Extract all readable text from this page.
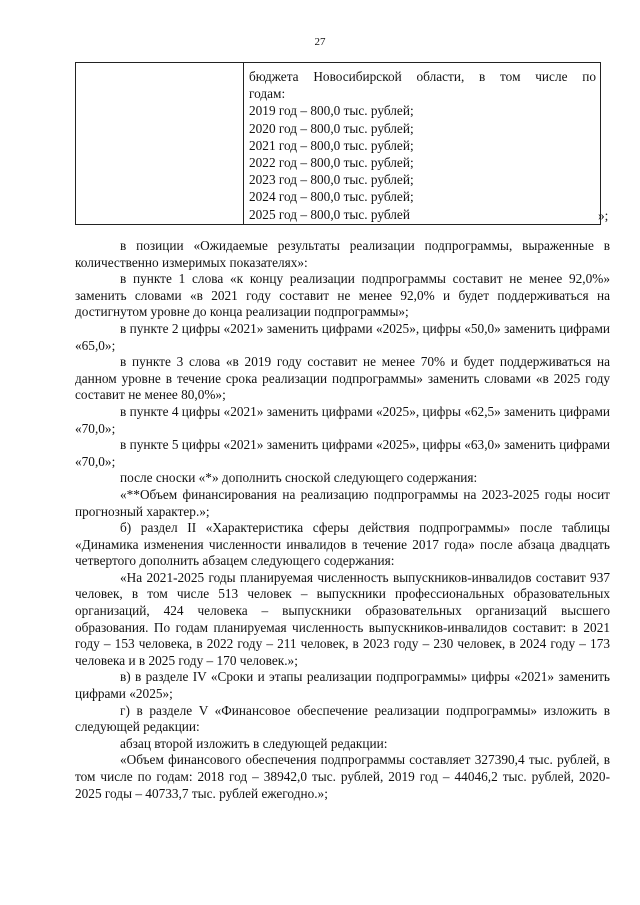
27

бюджета Новосибирской области, в том числе по
годам:
2019 год – 800,0 тыс. рублей;
2020 год – 800,0 тыс. рублей;
2021 год – 800,0 тыс. рублей;
2022 год – 800,0 тыс. рублей;
2023 год – 800,0 тыс. рублей;
2024 год – 800,0 тыс. рублей;
2025 год – 800,0 тыс. рублей	»;

в позиции «Ожидаемые результаты реализации подпрограммы, выраженные в количественно измеримых показателях»:

в пункте 1 слова «к концу реализации подпрограммы составит не менее 92,0%» заменить словами «в 2021 году составит не менее 92,0% и будет поддерживаться на достигнутом уровне до конца реализации подпрограммы»;

в пункте 2 цифры «2021» заменить цифрами «2025», цифры «50,0» заменить цифрами «65,0»;

в пункте 3 слова «в 2019 году составит не менее 70% и будет поддерживаться на данном уровне в течение срока реализации подпрограммы» заменить словами «в 2025 году составит не менее 80,0%»;

в пункте 4 цифры «2021» заменить цифрами «2025», цифры «62,5» заменить цифрами «70,0»;

в пункте 5 цифры «2021» заменить цифрами «2025», цифры «63,0» заменить цифрами «70,0»;

после сноски «*» дополнить сноской следующего содержания:

«**Объем финансирования на реализацию подпрограммы на 2023-2025 годы носит прогнозный характер.»;

б) раздел II «Характеристика сферы действия подпрограммы» после таблицы «Динамика изменения численности инвалидов в течение 2017 года» после абзаца двадцать четвертого дополнить абзацем следующего содержания:

«На 2021-2025 годы планируемая численность выпускников-инвалидов составит 937 человек, в том числе 513 человек – выпускники профессиональных образовательных организаций, 424 человека – выпускники образовательных организаций высшего образования. По годам планируемая численность выпускников-инвалидов составит: в 2021 году – 153 человека, в 2022 году – 211 человек, в 2023 году – 230 человек, в 2024 году – 173 человека и в 2025 году – 170 человек.»;

в) в разделе IV «Сроки и этапы реализации подпрограммы» цифры «2021» заменить цифрами «2025»;

г) в разделе V «Финансовое обеспечение реализации подпрограммы» изложить в следующей редакции:

абзац второй изложить в следующей редакции:

«Объем финансового обеспечения подпрограммы составляет 327390,4 тыс. рублей, в том числе по годам: 2018 год – 38942,0 тыс. рублей, 2019 год – 44046,2 тыс. рублей, 2020-2025 годы – 40733,7 тыс. рублей ежегодно.»;
